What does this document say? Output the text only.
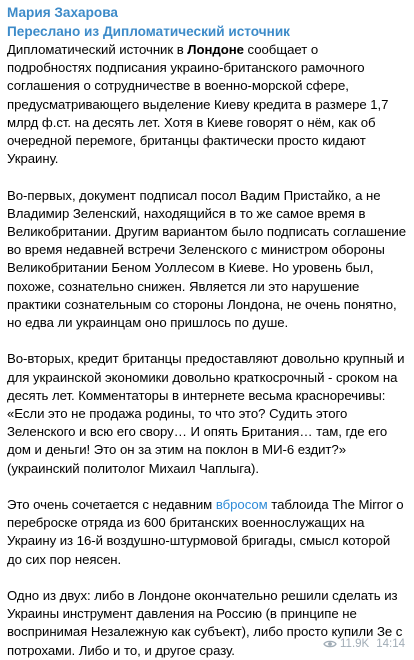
Мария Захарова
Переслано из Дипломатический источник

Дипломатический источник в Лондоне сообщает о подробностях подписания украино-британского рамочного соглашения о сотрудничестве в военно-морской сфере, предусматривающего выделение Киеву кредита в размере 1,7 млрд ф.ст. на десять лет. Хотя в Киеве говорят о нём, как об очередной перемоге, британцы фактически просто кидают Украину.

Во-первых, документ подписал посол Вадим Пристайко, а не Владимир Зеленский, находящийся в то же самое время в Великобритании. Другим вариантом было подписать соглашение во время недавней встречи Зеленского с министром обороны Великобритании Беном Уоллесом в Киеве. Но уровень был, похоже, сознательно снижен. Является ли это нарушение практики сознательным со стороны Лондона, не очень понятно, но едва ли украинцам оно пришлось по душе.

Во-вторых, кредит британцы предоставляют довольно крупный и для украинской экономики довольно краткосрочный - сроком на десять лет. Комментаторы в интернете весьма красноречивы: «Если это не продажа родины, то что это? Судить этого Зеленского и всю его свору… И опять Британия… там, где его дом и деньги! Это он за этим на поклон в МИ-6 ездит?» (украинский политолог Михаил Чаплыга).

Это очень сочетается с недавним вбросом таблоида The Mirror о переброске отряда из 600 британских военнослужащих на Украину из 16-й воздушно-штурмовой бригады, смысл которой до сих пор неясен.

Одно из двух: либо в Лондоне окончательно решили сделать из Украины инструмент давления на Россию (в принципе не воспринимая Незалежную как субъект), либо просто купили Зе с потрохами. Либо и то, и другое сразу.	11.9K 14:14
